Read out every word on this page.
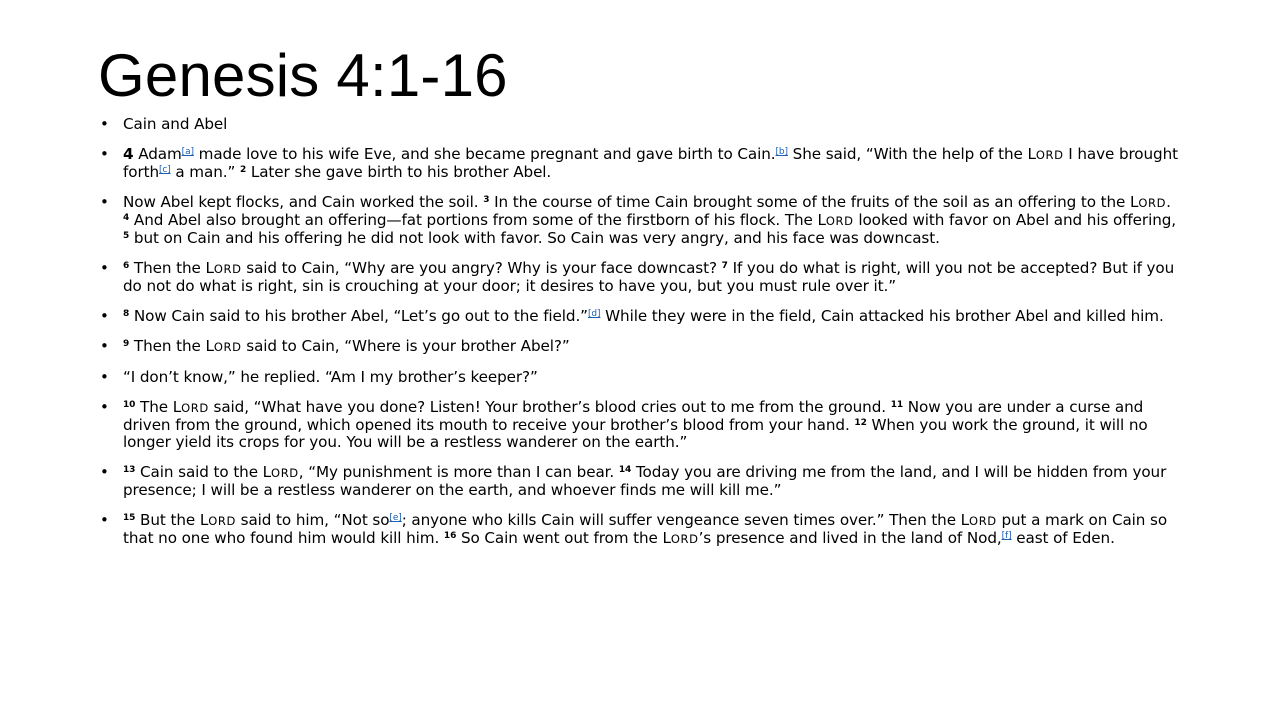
Genesis 4:1-16
• Cain and Abel
• 4 Adam[a] made love to his wife Eve, and she became pregnant and gave birth to Cain.[b] She said, “With the help of the LORD I have brought forth[c] a man.” $^2$ Later she gave birth to his brother Abel.
• Now Abel kept flocks, and Cain worked the soil. $^3$ In the course of time Cain brought some of the fruits of the soil as an offering to the LORD. $^4$ And Abel also brought an offering—fat portions from some of the firstborn of his flock. The LORD looked with favor on Abel and his offering, $^5$ but on Cain and his offering he did not look with favor. So Cain was very angry, and his face was downcast.
• $^6$ Then the LORD said to Cain, “Why are you angry? Why is your face downcast? $^7$ If you do what is right, will you not be accepted? But if you do not do what is right, sin is crouching at your door; it desires to have you, but you must rule over it.”
• $^8$ Now Cain said to his brother Abel, “Let’s go out to the field.”[d] While they were in the field, Cain attacked his brother Abel and killed him.
• $^9$ Then the LORD said to Cain, “Where is your brother Abel?”
• “I don’t know,” he replied. “Am I my brother’s keeper?”
• $^{10}$ The LORD said, “What have you done? Listen! Your brother’s blood cries out to me from the ground. $^{11}$ Now you are under a curse and driven from the ground, which opened its mouth to receive your brother’s blood from your hand. $^{12}$ When you work the ground, it will no longer yield its crops for you. You will be a restless wanderer on the earth.”
• $^{13}$ Cain said to the LORD, “My punishment is more than I can bear. $^{14}$ Today you are driving me from the land, and I will be hidden from your presence; I will be a restless wanderer on the earth, and whoever finds me will kill me.”
• $^{15}$ But the LORD said to him, “Not so[e]; anyone who kills Cain will suffer vengeance seven times over.” Then the LORD put a mark on Cain so that no one who found him would kill him. $^{16}$ So Cain went out from the LORD’s presence and lived in the land of Nod,[f] east of Eden.
